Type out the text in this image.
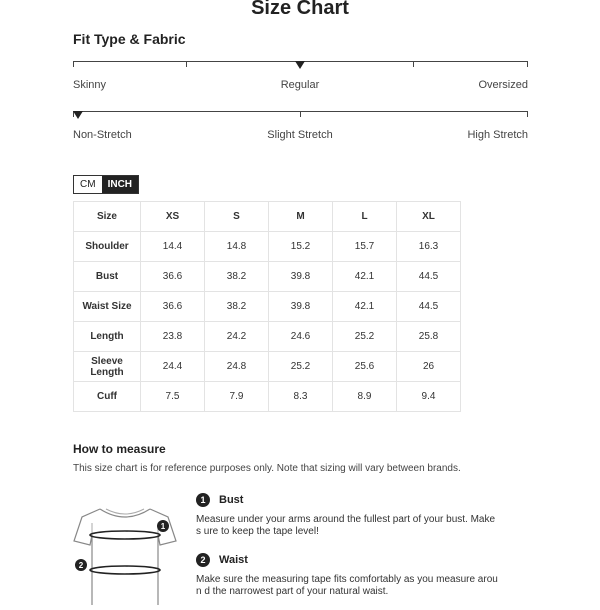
Size Chart
Fit Type & Fabric
Skinny	Regular	Oversized
Non-Stretch	Slight Stretch	High Stretch
CM	INCH
Size	XS	S	M	L	XL
Shoulder	14.4	14.8	15.2	15.7	16.3
Bust	36.6	38.2	39.8	42.1	44.5
Waist Size	36.6	38.2	39.8	42.1	44.5
Length	23.8	24.2	24.6	25.2	25.8
Sleeve Length	24.4	24.8	25.2	25.6	26
Cuff	7.5	7.9	8.3	8.9	9.4
How to measure
This size chart is for reference purposes only. Note that sizing will vary between brands.
1
2
1	Bust
Measure under your arms around the fullest part of your bust. Make s ure to keep the tape level!
2	Waist
Make sure the measuring tape fits comfortably as you measure aroun d the narrowest part of your natural waist.
